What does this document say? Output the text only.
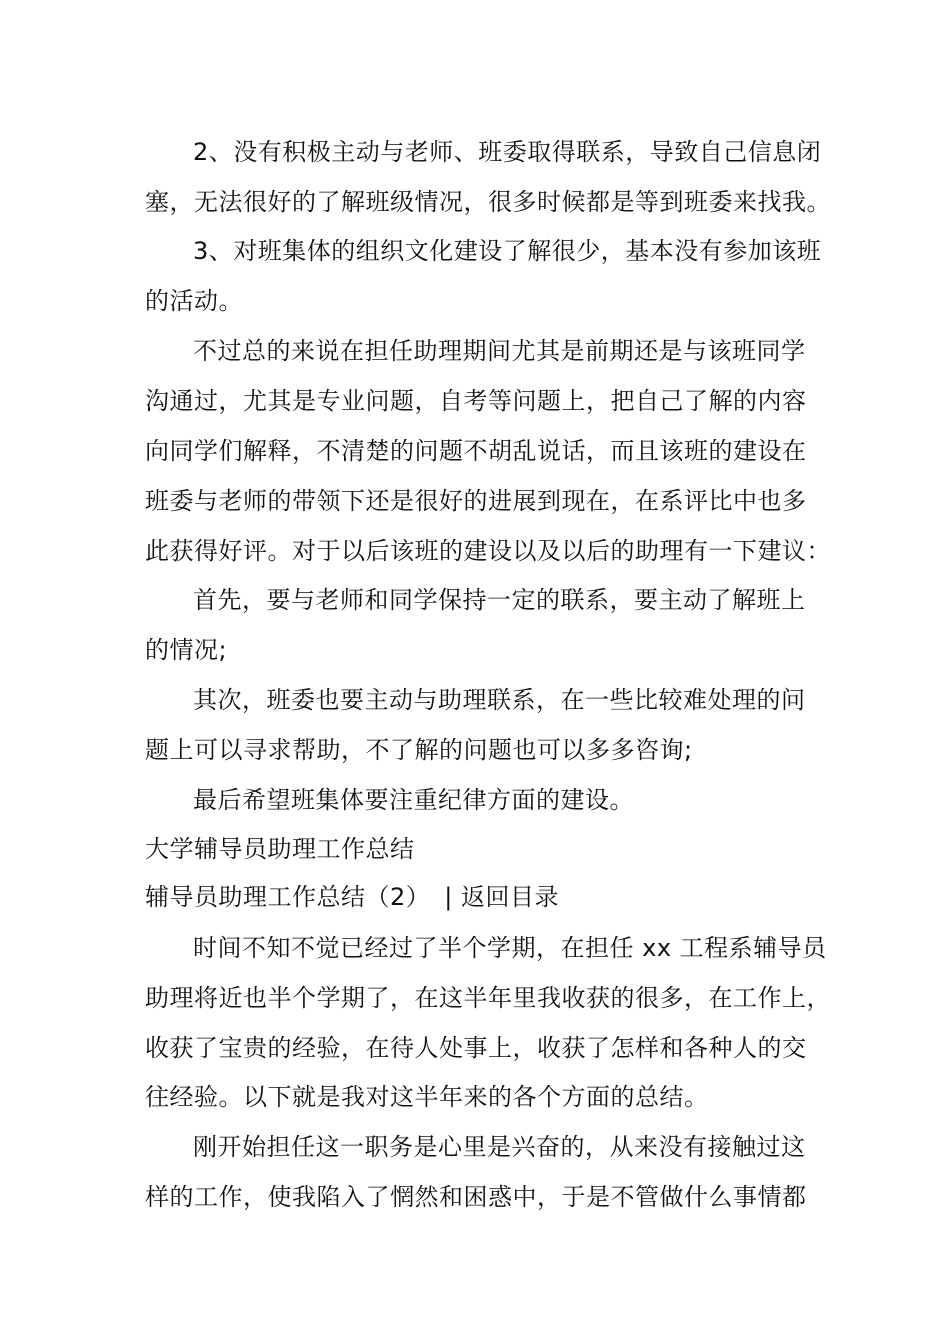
2、没有积极主动与老师、班委取得联系，导致自己信息闭
塞，无法很好的了解班级情况，很多时候都是等到班委来找我。
3、对班集体的组织文化建设了解很少，基本没有参加该班
的活动。
不过总的来说在担任助理期间尤其是前期还是与该班同学
沟通过，尤其是专业问题，自考等问题上，把自己了解的内容
向同学们解释，不清楚的问题不胡乱说话，而且该班的建设在
班委与老师的带领下还是很好的进展到现在，在系评比中也多
此获得好评。对于以后该班的建设以及以后的助理有一下建议：
首先，要与老师和同学保持一定的联系，要主动了解班上
的情况;
其次，班委也要主动与助理联系，在一些比较难处理的问
题上可以寻求帮助，不了解的问题也可以多多咨询;
最后希望班集体要注重纪律方面的建设。
大学辅导员助理工作总结
辅导员助理工作总结（2） | 返回目录
时间不知不觉已经过了半个学期，在担任 xx 工程系辅导员
助理将近也半个学期了，在这半年里我收获的很多，在工作上，
收获了宝贵的经验，在待人处事上，收获了怎样和各种人的交
往经验。以下就是我对这半年来的各个方面的总结。
刚开始担任这一职务是心里是兴奋的，从来没有接触过这
样的工作，使我陷入了惘然和困惑中，于是不管做什么事情都
